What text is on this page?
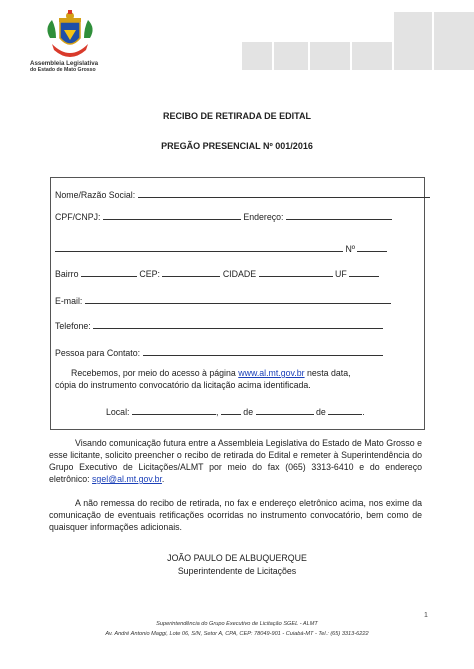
Assembleia Legislativa
do Estado de Mato Grosso
RECIBO DE RETIRADA DE EDITAL
PREGÃO PRESENCIAL Nº 001/2016
Nome/Razão Social:
CPF/CNPJ:	Endereço:
Nº
Bairro	CEP:	CIDADE	UF
E-mail:
Telefone:
Pessoa para Contato:
Recebemos, por meio do acesso à página www.al.mt.gov.br nesta data,
cópia do instrumento convocatório da licitação acima identificada.
Local:	,	de	de	.
Visando comunicação futura entre a Assembleia Legislativa do Estado de Mato Grosso e esse licitante, solicito preencher o recibo de retirada do Edital e remeter à Superintendência do Grupo Executivo de Licitações/ALMT por meio do fax (065) 3313-6410 e do endereço eletrônico: sgel@al.mt.gov.br.
A não remessa do recibo de retirada, no fax e endereço eletrônico acima, nos exime da comunicação de eventuais retificações ocorridas no instrumento convocatório, bem como de quaisquer informações adicionais.
JOÃO PAULO DE ALBUQUERQUE
Superintendente de Licitações
1
Superintendência do Grupo Executivo de Licitação SGEL - ALMT
Av. André Antonio Maggi, Lote 06, S/N, Setor A, CPA, CEP: 78049-901 - Cuiabá-MT - Tel.: (65) 3313-6222
